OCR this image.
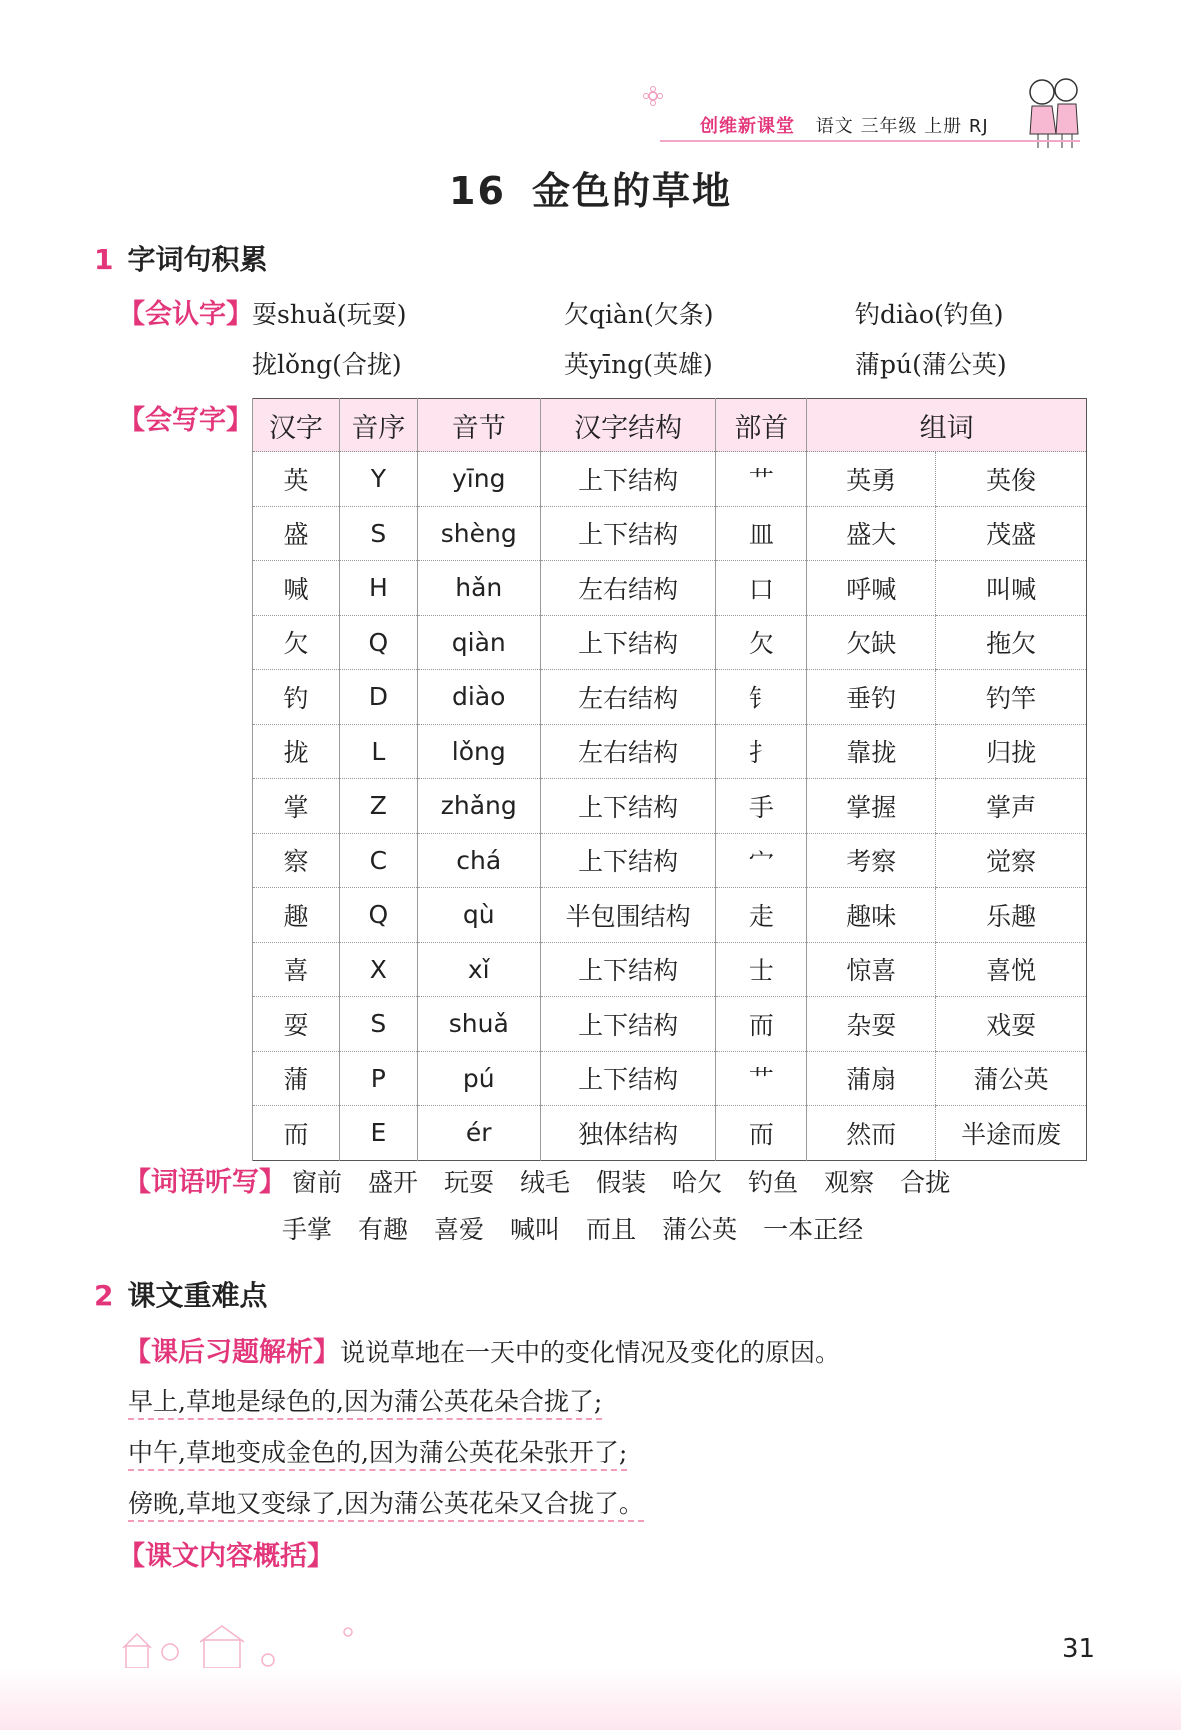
创维新课堂 语文 三年级 上册 RJ
16 金色的草地
1 字词句积累
【会认字】 耍shuǎ(玩耍)	欠qiàn(欠条)	钓diào(钓鱼)
拢lǒng(合拢)	英yīng(英雄)	蒲pú(蒲公英)
【会写字】 汉字	音序	音节	汉字结构	部首	组词	
英	Y	yīng	上下结构	艹	英勇	英俊
盛	S	shèng	上下结构	皿	盛大	茂盛
喊	H	hǎn	左右结构	口	呼喊	叫喊
欠	Q	qiàn	上下结构	欠	欠缺	拖欠
钓	D	diào	左右结构	钅	垂钓	钓竿
拢	L	lǒng	左右结构	扌	靠拢	归拢
掌	Z	zhǎng	上下结构	手	掌握	掌声
察	C	chá	上下结构	宀	考察	觉察
趣	Q	qù	半包围结构	走	趣味	乐趣
喜	X	xǐ	上下结构	士	惊喜	喜悦
耍	S	shuǎ	上下结构	而	杂耍	戏耍
蒲	P	pú	上下结构	艹	蒲扇	蒲公英
而	E	ér	独体结构	而	然而	半途而废
【词语听写】 窗前 盛开 玩耍 绒毛 假装 哈欠 钓鱼 观察 合拢
手掌 有趣 喜爱 喊叫 而且 蒲公英 一本正经
2 课文重难点
【课后习题解析】说说草地在一天中的变化情况及变化的原因。
早上,草地是绿色的,因为蒲公英花朵合拢了;
中午,草地变成金色的,因为蒲公英花朵张开了;
傍晚,草地又变绿了,因为蒲公英花朵又合拢了。
【课文内容概括】
31
